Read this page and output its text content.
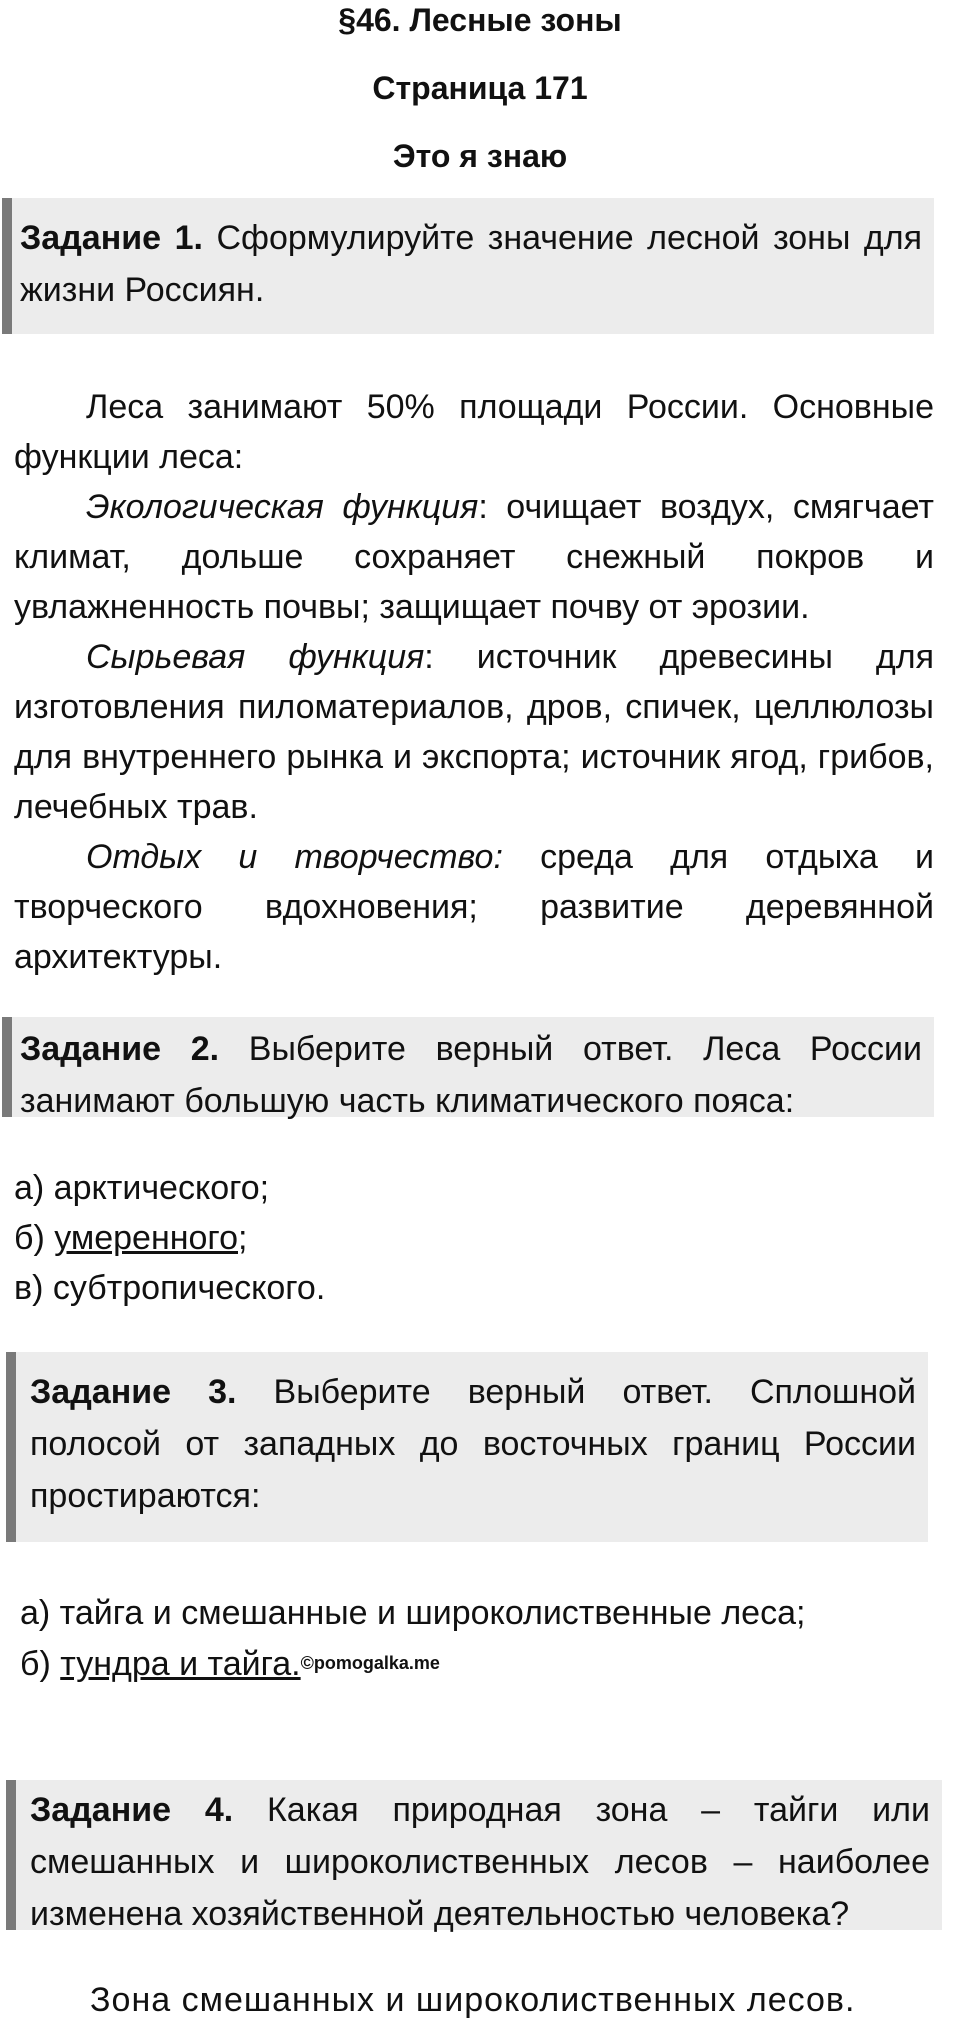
§46. Лесные зоны
Страница 171
Это я знаю
Задание 1. Сформулируйте значение лесной зоны для жизни Россиян.

Леса занимают 50% площади России. Основные функции леса:

Экологическая функция: очищает воздух, смягчает климат, дольше сохраняет снежный покров и увлажненность почвы; защищает почву от эрозии.

Сырьевая функция: источник древесины для изготовления пиломатериалов, дров, спичек, целлюлозы для внутреннего рынка и экспорта; источник ягод, грибов, лечебных трав.

Отдых и творчество: среда для отдыха и творческого вдохновения; развитие деревянной архитектуры.

Задание 2. Выберите верный ответ. Леса России занимают большую часть климатического пояса:
а) арктического;
б) умеренного;
в) субтропического.
Задание 3. Выберите верный ответ. Сплошной полосой от западных до восточных границ России простираются:
а) тайга и смешанные и широколиственные леса;
б) тундра и тайга.©pomogalka.me
Задание 4. Какая природная зона – тайги или смешанных и широколиственных лесов – наиболее изменена хозяйственной деятельностью человека?

Зона смешанных и широколиственных лесов.
